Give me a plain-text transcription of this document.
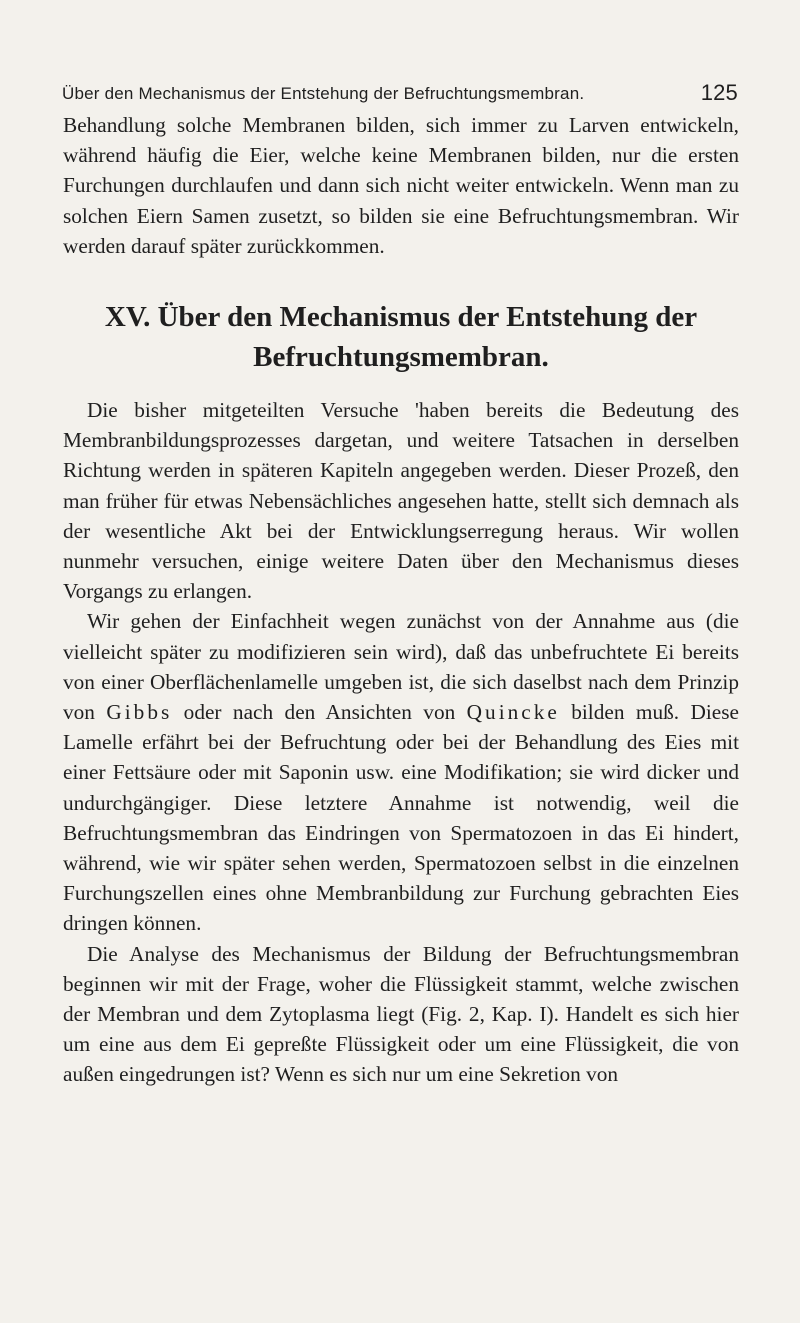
Über den Mechanismus der Entstehung der Befruchtungsmembran.	125

Behandlung solche Membranen bilden, sich immer zu Larven entwickeln, während häufig die Eier, welche keine Membranen bilden, nur die ersten Furchungen durchlaufen und dann sich nicht weiter entwickeln. Wenn man zu solchen Eiern Samen zusetzt, so bilden sie eine Befruchtungsmembran. Wir werden darauf später zurückkommen.

XV. Über den Mechanismus der Entstehung der
Befruchtungsmembran.

Die bisher mitgeteilten Versuche 'haben bereits die Bedeutung des Membranbildungsprozesses dargetan, und weitere Tatsachen in derselben Richtung werden in späteren Kapiteln angegeben werden. Dieser Prozeß, den man früher für etwas Nebensächliches angesehen hatte, stellt sich demnach als der wesentliche Akt bei der Entwicklungserregung heraus. Wir wollen nunmehr versuchen, einige weitere Daten über den Mechanismus dieses Vorgangs zu erlangen.

Wir gehen der Einfachheit wegen zunächst von der Annahme aus (die vielleicht später zu modifizieren sein wird), daß das unbefruchtete Ei bereits von einer Oberflächenlamelle umgeben ist, die sich daselbst nach dem Prinzip von Gibbs oder nach den Ansichten von Quincke bilden muß. Diese Lamelle erfährt bei der Befruchtung oder bei der Behandlung des Eies mit einer Fettsäure oder mit Saponin usw. eine Modifikation; sie wird dicker und undurchgängiger. Diese letztere Annahme ist notwendig, weil die Befruchtungsmembran das Eindringen von Spermatozoen in das Ei hindert, während, wie wir später sehen werden, Spermatozoen selbst in die einzelnen Furchungszellen eines ohne Membranbildung zur Furchung gebrachten Eies dringen können.

Die Analyse des Mechanismus der Bildung der Befruchtungsmembran beginnen wir mit der Frage, woher die Flüssigkeit stammt, welche zwischen der Membran und dem Zytoplasma liegt (Fig. 2, Kap. I). Handelt es sich hier um eine aus dem Ei gepreßte Flüssigkeit oder um eine Flüssigkeit, die von außen eingedrungen ist? Wenn es sich nur um eine Sekretion von
